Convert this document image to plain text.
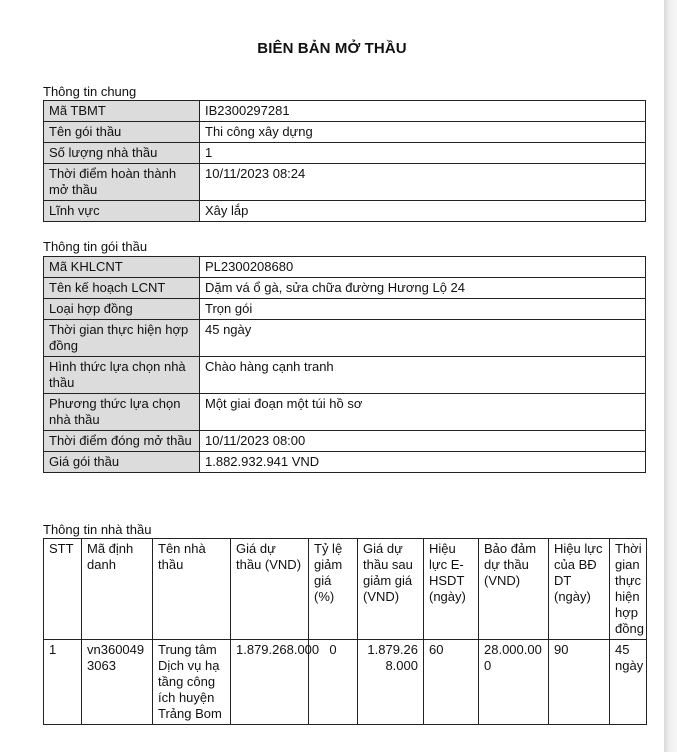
BIÊN BẢN MỞ THẦU
Thông tin chung
Mã TBMT	IB2300297281
Tên gói thầu	Thi công xây dựng
Số lượng nhà thầu	1
Thời điểm hoàn thành mở thầu	10/11/2023 08:24
Lĩnh vực	Xây lắp
Thông tin gói thầu
Mã KHLCNT	PL2300208680
Tên kế hoạch LCNT	Dặm vá ổ gà, sửa chữa đường Hương Lộ 24
Loại hợp đồng	Trọn gói
Thời gian thực hiện hợp đồng	45 ngày
Hình thức lựa chọn nhà thầu	Chào hàng cạnh tranh
Phương thức lựa chọn nhà thầu	Một giai đoạn một túi hồ sơ
Thời điểm đóng mở thầu	10/11/2023 08:00
Giá gói thầu	1.882.932.941 VND
Thông tin nhà thầu
STT	Mã định danh	Tên nhà thầu	Giá dự thầu (VND)	Tỷ lệ giảm giá (%)	Giá dự thầu sau giảm giá (VND)	Hiệu lực E-HSDT (ngày)	Bảo đảm dự thầu (VND)	Hiệu lực của BĐ DT (ngày)	Thời gian thực hiện hợp đồng
1	vn3600493063	Trung tâm Dịch vụ hạ tầng công ích huyện Trảng Bom	1.879.268.000	0	1.879.268.000	60	28.000.000	90	45 ngày
